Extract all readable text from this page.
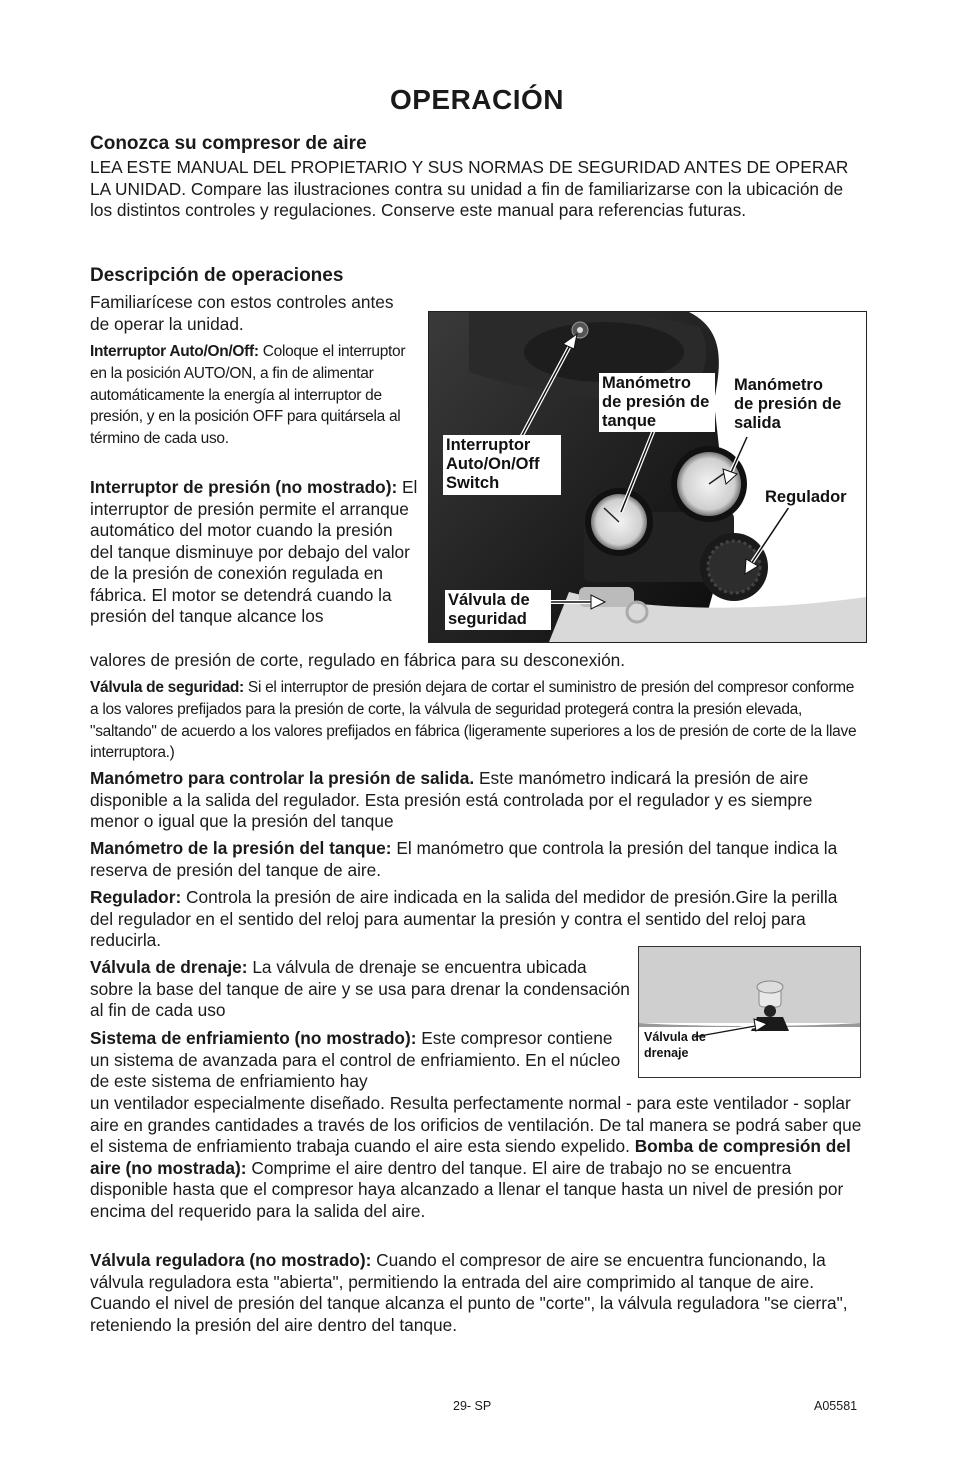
OPERACIÓN
Conozca su compresor de aire

LEA ESTE MANUAL DEL PROPIETARIO Y SUS NORMAS DE SEGURIDAD ANTES DE OPERAR LA UNIDAD. Compare las ilustraciones contra su unidad a fin de familiarizarse con la ubicación de los distintos controles y regulaciones. Conserve este manual para referencias futuras.

Descripción de operaciones

Familiarícese con estos controles antes de operar la unidad.

Interruptor Auto/On/Off: Coloque el interruptor en la posición AUTO/ON, a fin de alimentar automáticamente la energía al interruptor de presión, y en la posición OFF para quitársela al término de cada uso.

Interruptor de presión (no mostrado): El interruptor de presión permite el arranque automático del motor cuando la presión del tanque disminuye por debajo del valor de la presión de conexión regulada en fábrica. El motor se detendrá cuando la presión del tanque alcance los

valores de presión de corte, regulado en fábrica para su desconexión.

Manómetro de presión de tanque
Manómetro de presión de salida
Interruptor Auto/On/Off Switch
Regulador
Válvula de seguridad

Válvula de seguridad: Si el interruptor de presión dejara de cortar el suministro de presión del compresor conforme a los valores prefijados para la presión de corte, la válvula de seguridad protegerá contra la presión elevada, "saltando" de acuerdo a los valores prefijados en fábrica (ligeramente superiores a los de presión de corte de la llave interruptora.)

Manómetro para controlar la presión de salida. Este manómetro indicará la presión de aire disponible a la salida del regulador. Esta presión está controlada por el regulador y es siempre menor o igual que la presión del tanque

Manómetro de la presión del tanque: El manómetro que controla la presión del tanque indica la reserva de presión del tanque de aire.

Regulador: Controla la presión de aire indicada en la salida del medidor de presión.Gire la perilla del regulador en el sentido del reloj para aumentar la presión y contra el sentido del reloj para reducirla.

Válvula de drenaje: La válvula de drenaje se encuentra ubicada sobre la base del tanque de aire y se usa para drenar la condensación al fin de cada uso

Válvula de drenaje

Sistema de enfriamiento (no mostrado): Este compresor contiene un sistema de avanzada para el control de enfriamiento. En el núcleo de este sistema de enfriamiento hay

un ventilador especialmente diseñado. Resulta perfectamente normal - para este ventilador - soplar aire en grandes cantidades a través de los orificios de ventilación. De tal manera se podrá saber que el sistema de enfriamiento trabaja cuando el aire esta siendo expelido. Bomba de compresión del aire (no mostrada): Comprime el aire dentro del tanque. El aire de trabajo no se encuentra disponible hasta que el compresor haya alcanzado a llenar el tanque hasta un nivel de presión por encima del requerido para la salida del aire.

Válvula reguladora (no mostrado): Cuando el compresor de aire se encuentra funcionando, la válvula reguladora esta "abierta", permitiendo la entrada del aire comprimido al tanque de aire. Cuando el nivel de presión del tanque alcanza el punto de "corte", la válvula reguladora "se cierra", reteniendo la presión del aire dentro del tanque.

29- SP	A05581
